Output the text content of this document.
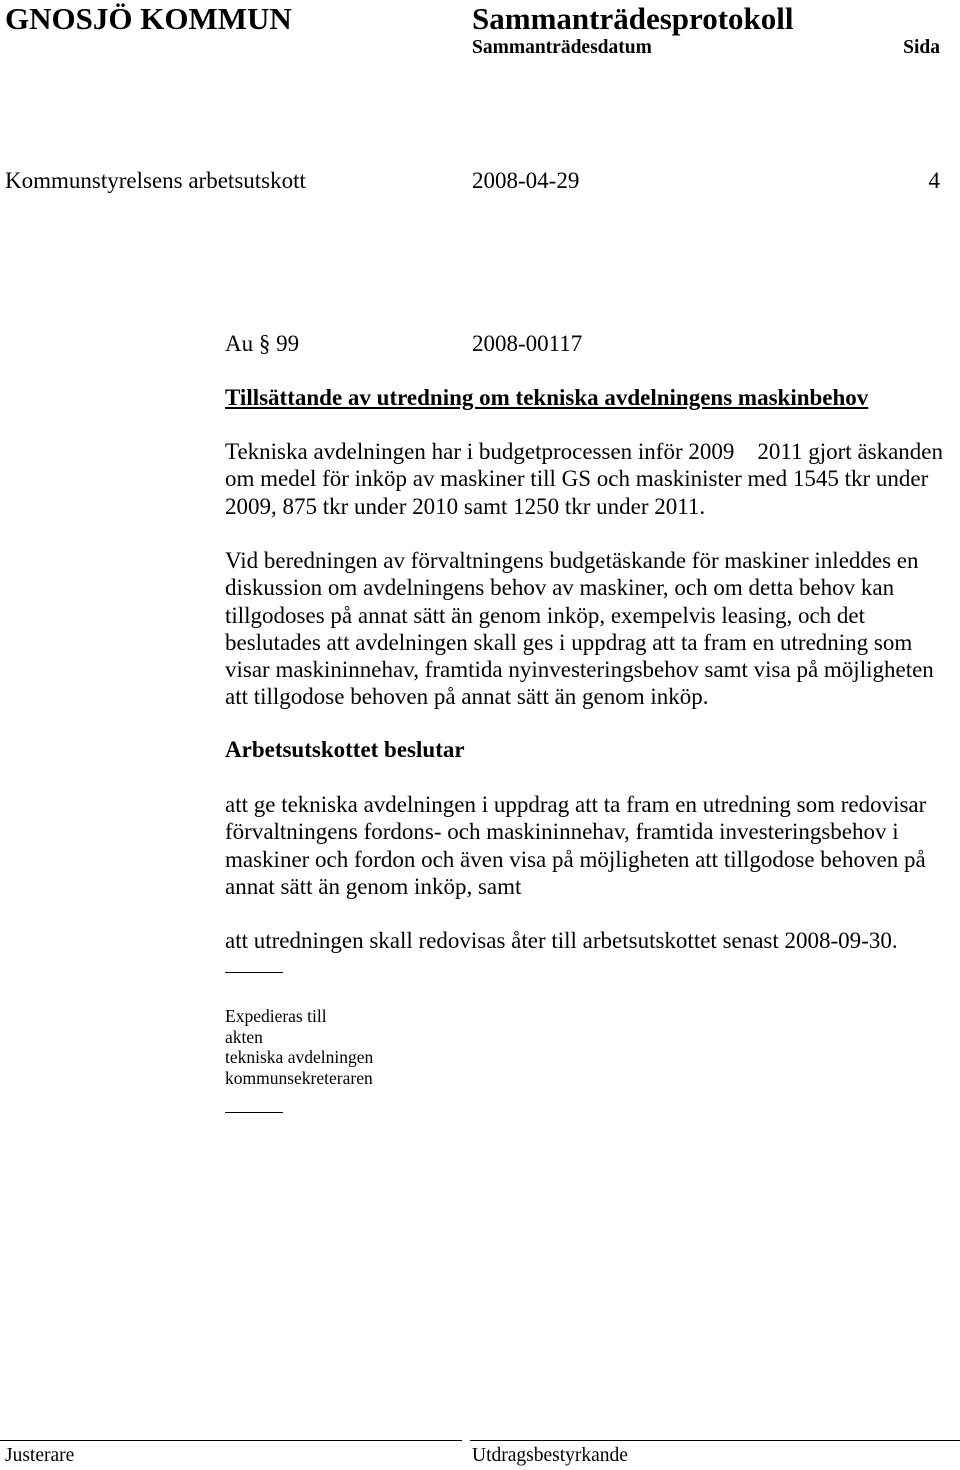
GNOSJÖ KOMMUN	Sammanträdesprotokoll
Sammanträdesdatum	Sida
Kommunstyrelsens arbetsutskott	2008-04-29	4
Au § 99	2008-00117
Tillsättande av utredning om tekniska avdelningens maskinbehov
Tekniska avdelningen har i budgetprocessen inför 2009    2011 gjort äskanden
om medel för inköp av maskiner till GS och maskinister med 1545 tkr under
2009, 875 tkr under 2010 samt 1250 tkr under 2011.
Vid beredningen av förvaltningens budgetäskande för maskiner inleddes en
diskussion om avdelningens behov av maskiner, och om detta behov kan
tillgodoses på annat sätt än genom inköp, exempelvis leasing, och det
beslutades att avdelningen skall ges i uppdrag att ta fram en utredning som
visar maskininnehav, framtida nyinvesteringsbehov samt visa på möjligheten
att tillgodose behoven på annat sätt än genom inköp.
Arbetsutskottet beslutar
att ge tekniska avdelningen i uppdrag att ta fram en utredning som redovisar
förvaltningens fordons- och maskininnehav, framtida investeringsbehov i
maskiner och fordon och även visa på möjligheten att tillgodose behoven på
annat sätt än genom inköp, samt
att utredningen skall redovisas åter till arbetsutskottet senast 2008-09-30.
Expedieras till
akten
tekniska avdelningen
kommunsekreteraren
Justerare	Utdragsbestyrkande
